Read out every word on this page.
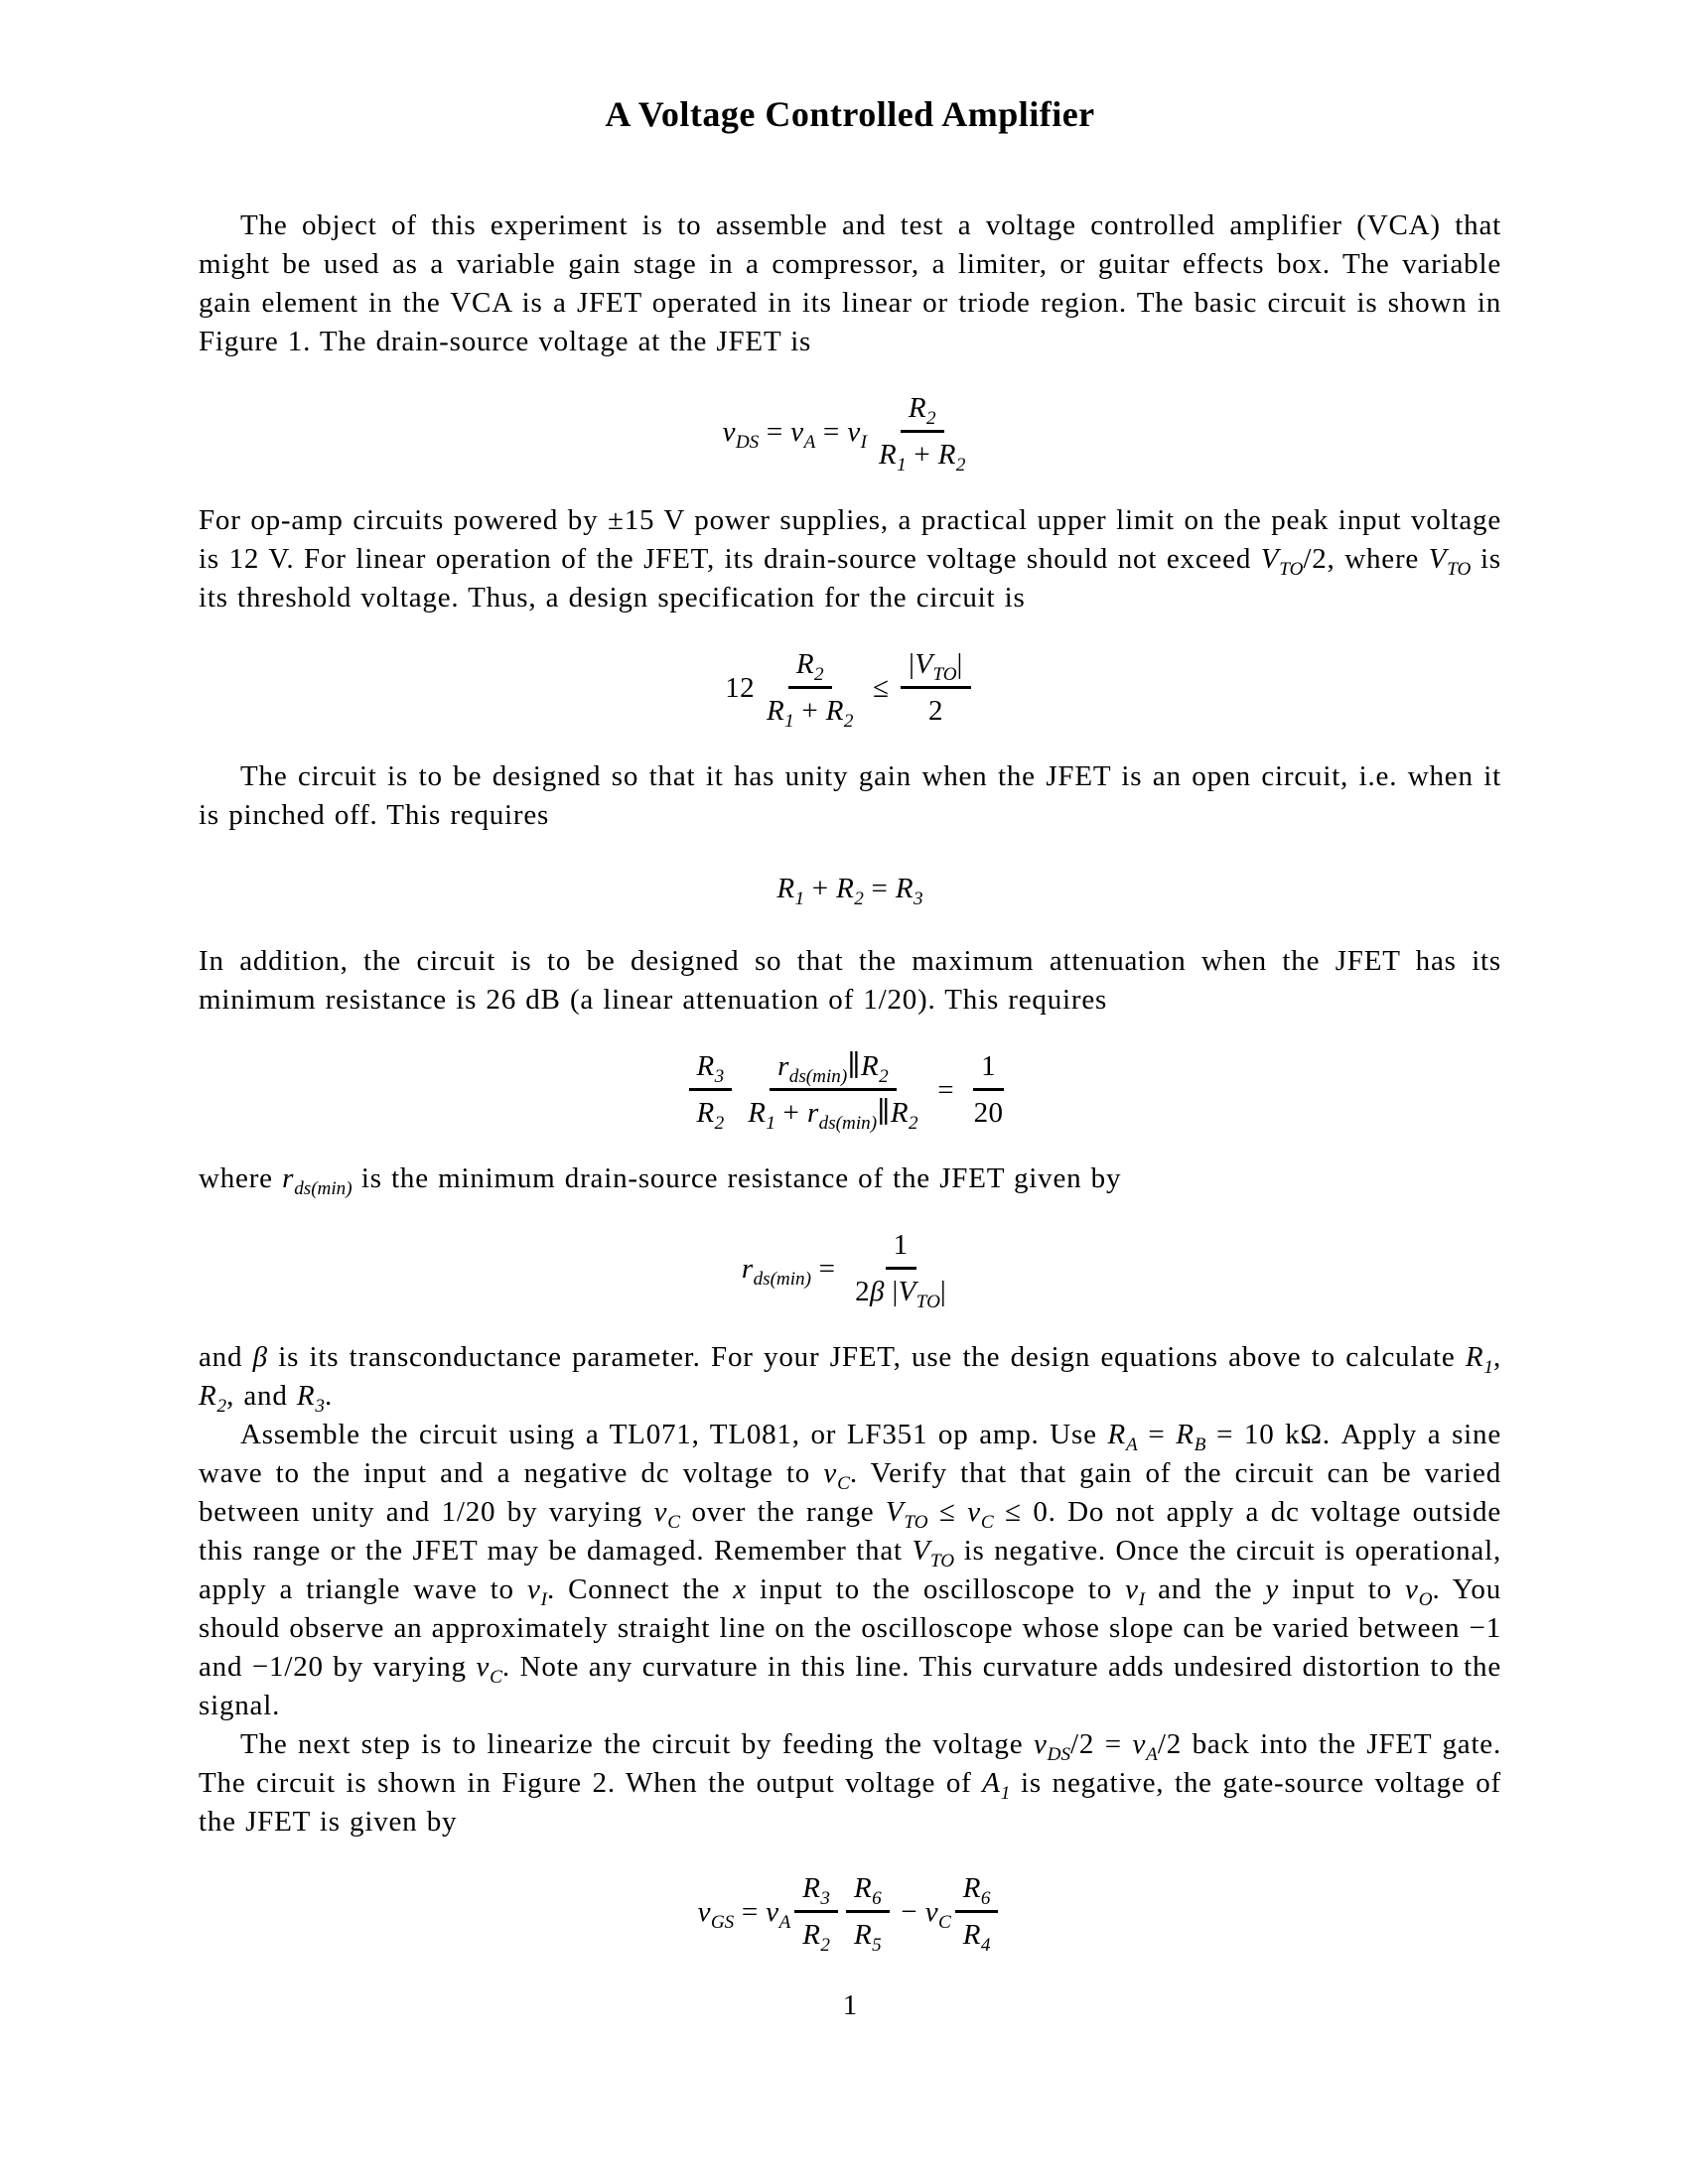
A Voltage Controlled Amplifier

The object of this experiment is to assemble and test a voltage controlled amplifier (VCA) that might be used as a variable gain stage in a compressor, a limiter, or guitar effects box. The variable gain element in the VCA is a JFET operated in its linear or triode region. The basic circuit is shown in Figure 1. The drain-source voltage at the JFET is

$v_{DS} = v_A = v_I \frac{R_2}{R_1 + R_2}$

For op-amp circuits powered by ±15 V power supplies, a practical upper limit on the peak input voltage is 12 V. For linear operation of the JFET, its drain-source voltage should not exceed $V_{TO}/2$, where $V_{TO}$ is its threshold voltage. Thus, a design specification for the circuit is

$12 \frac{R_2}{R_1 + R_2} \le \frac{|V_{TO}|}{2}$

The circuit is to be designed so that it has unity gain when the JFET is an open circuit, i.e. when it is pinched off. This requires

$R_1 + R_2 = R_3$

In addition, the circuit is to be designed so that the maximum attenuation when the JFET has its minimum resistance is 26 dB (a linear attenuation of 1/20). This requires

$\frac{R_3}{R_2} \frac{r_{ds(min)}\parallel R_2}{R_1 + r_{ds(min)}\parallel R_2} = \frac{1}{20}$

where $r_{ds(min)}$ is the minimum drain-source resistance of the JFET given by

$r_{ds(min)} = \frac{1}{2\beta |V_{TO}|}$

and β is its transconductance parameter. For your JFET, use the design equations above to calculate $R_1$, $R_2$, and $R_3$.

Assemble the circuit using a TL071, TL081, or LF351 op amp. Use $R_A = R_B = 10$ kΩ. Apply a sine wave to the input and a negative dc voltage to $v_C$. Verify that that gain of the circuit can be varied between unity and 1/20 by varying $v_C$ over the range $V_{TO} \le v_C \le 0$. Do not apply a dc voltage outside this range or the JFET may be damaged. Remember that $V_{TO}$ is negative. Once the circuit is operational, apply a triangle wave to $v_I$. Connect the x input to the oscilloscope to $v_I$ and the y input to $v_O$. You should observe an approximately straight line on the oscilloscope whose slope can be varied between −1 and −1/20 by varying $v_C$. Note any curvature in this line. This curvature adds undesired distortion to the signal.

The next step is to linearize the circuit by feeding the voltage $v_{DS}/2 = v_A/2$ back into the JFET gate. The circuit is shown in Figure 2. When the output voltage of $A_1$ is negative, the gate-source voltage of the JFET is given by

$v_{GS} = v_A \frac{R_3}{R_2} \frac{R_6}{R_5} - v_C \frac{R_6}{R_4}$
1
